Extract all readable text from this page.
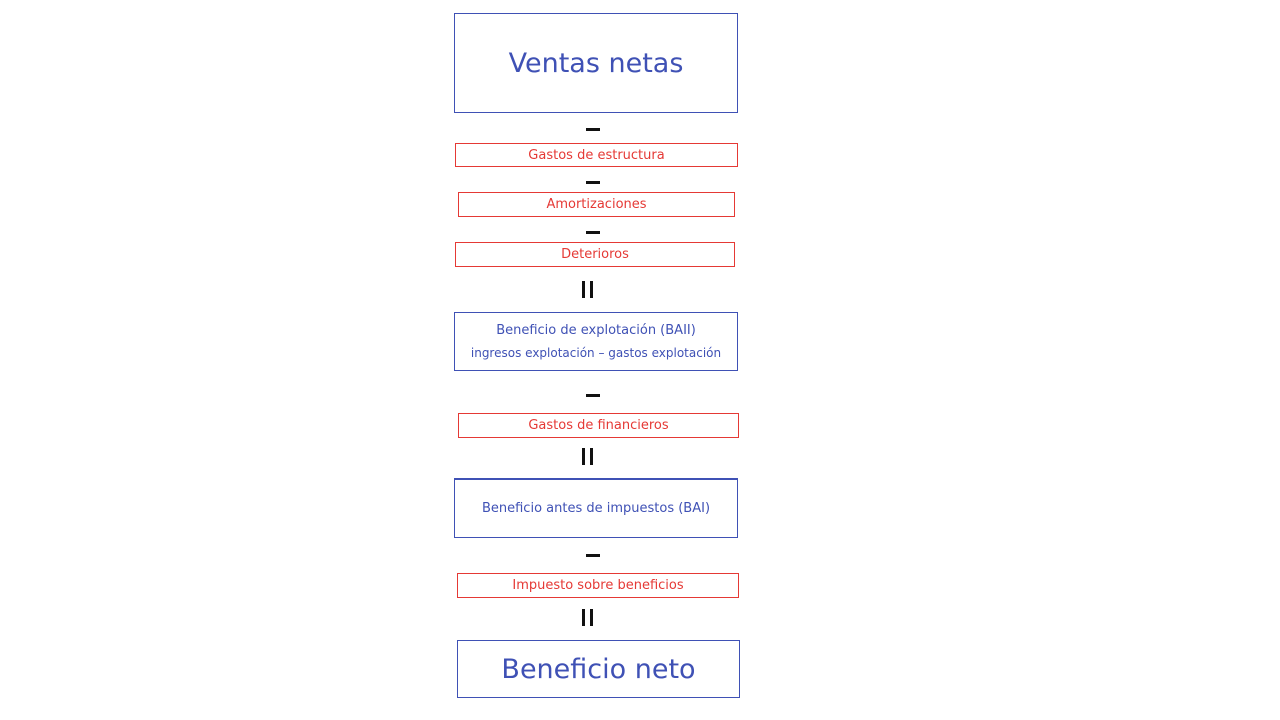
Ventas netas
Gastos de estructura
Amortizaciones
Deterioros
Beneficio de explotación (BAII)
ingresos explotación – gastos explotación
Gastos de financieros
Beneficio antes de impuestos (BAI)
Impuesto sobre beneficios
Beneficio neto
